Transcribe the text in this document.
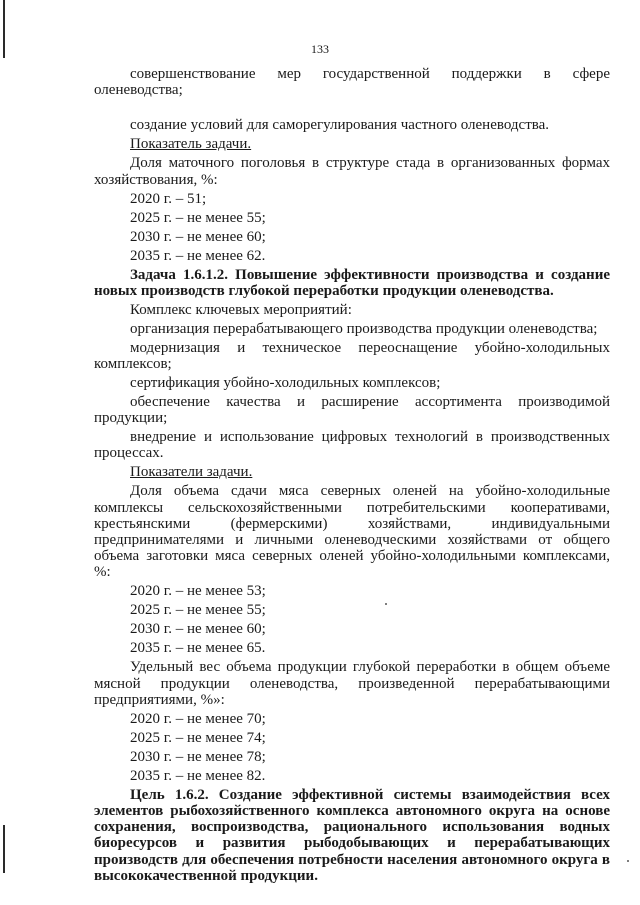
133

совершенствование мер государственной поддержки в сфере оленеводства;

создание условий для саморегулирования частного оленеводства.

Показатель задачи.

Доля маточного поголовья в структуре стада в организованных формах хозяйствования, %:

2020 г. – 51;

2025 г. – не менее 55;

2030 г. – не менее 60;

2035 г. – не менее 62.

Задача 1.6.1.2. Повышение эффективности производства и создание новых производств глубокой переработки продукции оленеводства.

Комплекс ключевых мероприятий:

организация перерабатывающего производства продукции оленеводства;

модернизация и техническое переоснащение убойно-холодильных комплексов;

сертификация убойно-холодильных комплексов;

обеспечение качества и расширение ассортимента производимой продукции;

внедрение и использование цифровых технологий в производственных процессах.

Показатели задачи.

Доля объема сдачи мяса северных оленей на убойно-холодильные комплексы сельскохозяйственными потребительскими кооперативами, крестьянскими (фермерскими) хозяйствами, индивидуальными предпринимателями и личными оленеводческими хозяйствами от общего объема заготовки мяса северных оленей убойно-холодильными комплексами, %:

2020 г. – не менее 53;

2025 г. – не менее 55;

2030 г. – не менее 60;

2035 г. – не менее 65.

Удельный вес объема продукции глубокой переработки в общем объеме мясной продукции оленеводства, произведенной перерабатывающими предприятиями, %»:

2020 г. – не менее 70;

2025 г. – не менее 74;

2030 г. – не менее 78;

2035 г. – не менее 82.

Цель 1.6.2. Создание эффективной системы взаимодействия всех элементов рыбохозяйственного комплекса автономного округа на основе сохранения, воспроизводства, рационального использования водных биоресурсов и развития рыбодобывающих и перерабатывающих производств для обеспечения потребности населения автономного округа в высококачественной продукции.
